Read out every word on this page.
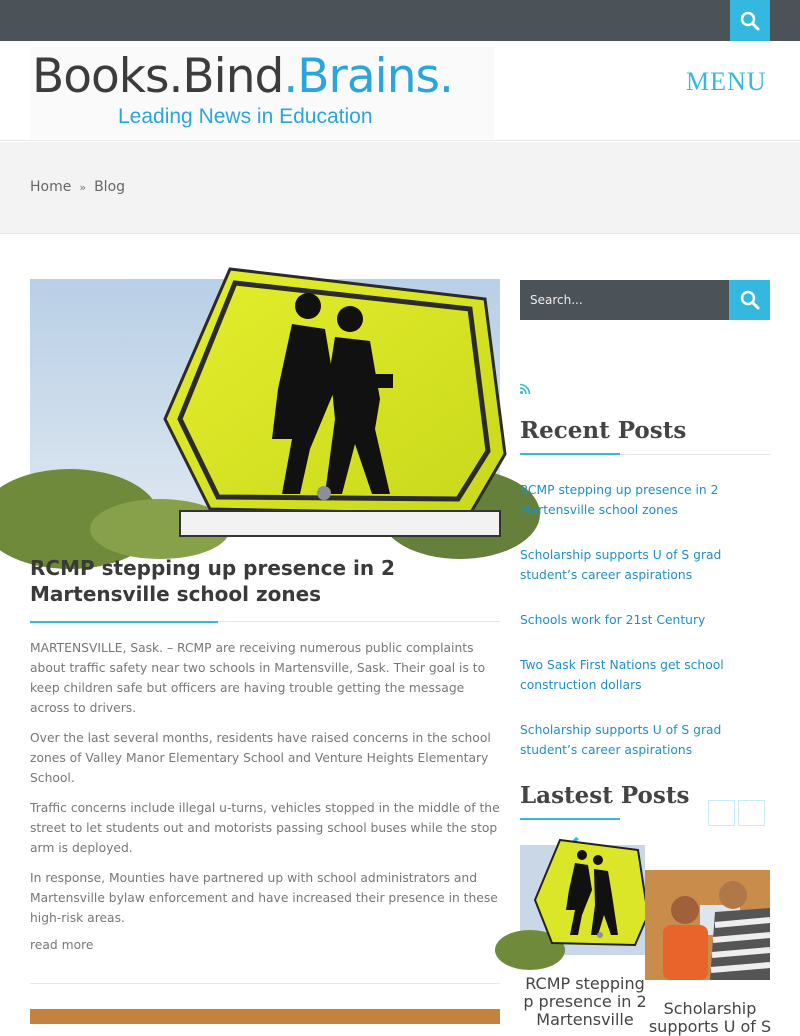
Books.Bind.Brains.
Leading News in Education
MENU
Home » Blog
RCMP stepping up presence in 2 Martensville school zones

MARTENSVILLE, Sask. – RCMP are receiving numerous public complaints about traffic safety near two schools in Martensville, Sask. Their goal is to keep children safe but officers are having trouble getting the message across to drivers.

Over the last several months, residents have raised concerns in the school zones of Valley Manor Elementary School and Venture Heights Elementary School.

Traffic concerns include illegal u-turns, vehicles stopped in the middle of the street to let students out and motorists passing school buses while the stop arm is deployed.

In response, Mounties have partnered up with school administrators and Martensville bylaw enforcement and have increased their presence in these high-risk areas.

read more
Search...
Recent Posts
RCMP stepping up presence in 2 Martensville school zones
Scholarship supports U of S grad student’s career aspirations
Schools work for 21st Century
Two Sask First Nations get school construction dollars
Scholarship supports U of S grad student’s career aspirations
Lastest Posts
RCMP stepping
p presence in 2
Martensville
Scholarship
supports U of S
